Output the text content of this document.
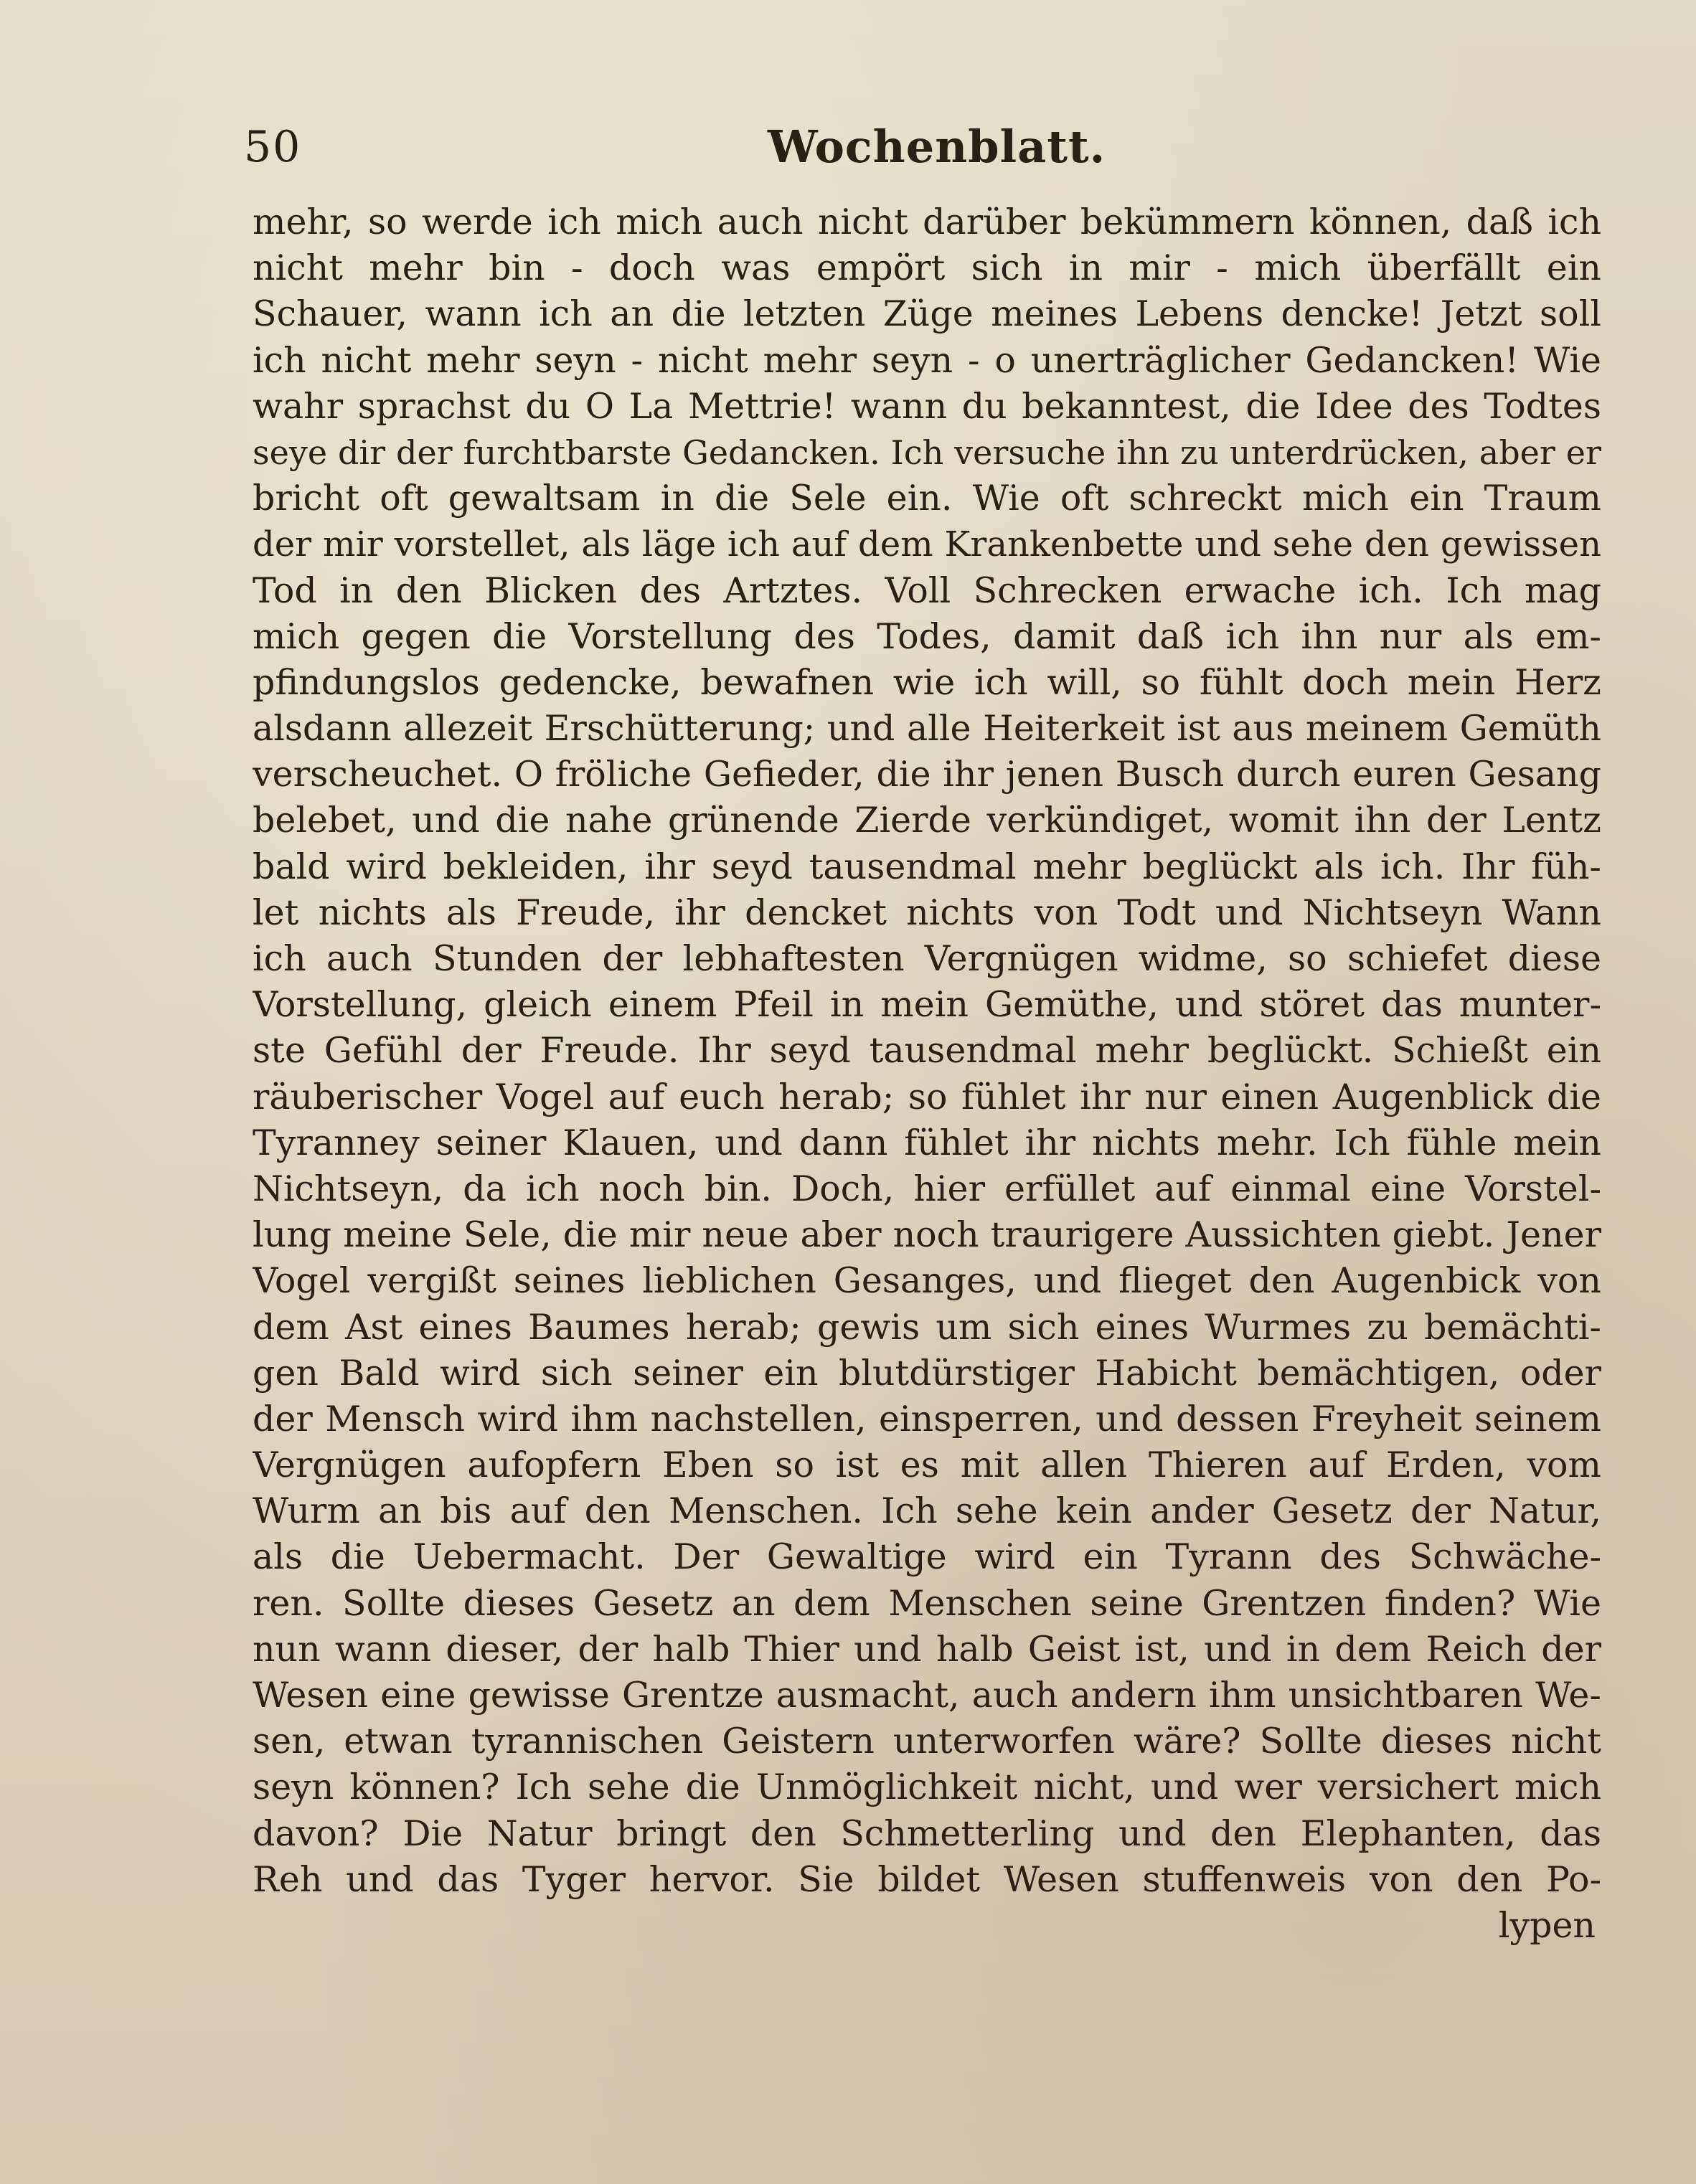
50	Wochenblatt.
mehr, so werde ich mich auch nicht darüber bekümmern können, daß ich
nicht mehr bin - doch was empört sich in mir - mich überfällt ein
Schauer, wann ich an die letzten Züge meines Lebens dencke! Jetzt soll
ich nicht mehr seyn - nicht mehr seyn - o unerträglicher Gedancken! Wie
wahr sprachst du O La Mettrie! wann du bekanntest, die Idee des Todtes
seye dir der furchtbarste Gedancken. Ich versuche ihn zu unterdrücken, aber er
bricht oft gewaltsam in die Sele ein. Wie oft schreckt mich ein Traum
der mir vorstellet, als läge ich auf dem Krankenbette und sehe den gewissen
Tod in den Blicken des Artztes. Voll Schrecken erwache ich. Ich mag
mich gegen die Vorstellung des Todes, damit daß ich ihn nur als em-
pfindungslos gedencke, bewafnen wie ich will, so fühlt doch mein Herz
alsdann allezeit Erschütterung; und alle Heiterkeit ist aus meinem Gemüth
verscheuchet. O fröliche Gefieder, die ihr jenen Busch durch euren Gesang
belebet, und die nahe grünende Zierde verkündiget, womit ihn der Lentz
bald wird bekleiden, ihr seyd tausendmal mehr beglückt als ich. Ihr füh-
let nichts als Freude, ihr dencket nichts von Todt und Nichtseyn Wann
ich auch Stunden der lebhaftesten Vergnügen widme, so schiefet diese
Vorstellung, gleich einem Pfeil in mein Gemüthe, und störet das munter-
ste Gefühl der Freude. Ihr seyd tausendmal mehr beglückt. Schießt ein
räuberischer Vogel auf euch herab; so fühlet ihr nur einen Augenblick die
Tyranney seiner Klauen, und dann fühlet ihr nichts mehr. Ich fühle mein
Nichtseyn, da ich noch bin. Doch, hier erfüllet auf einmal eine Vorstel-
lung meine Sele, die mir neue aber noch traurigere Aussichten giebt. Jener
Vogel vergißt seines lieblichen Gesanges, und flieget den Augenbick von
dem Ast eines Baumes herab; gewis um sich eines Wurmes zu bemächti-
gen Bald wird sich seiner ein blutdürstiger Habicht bemächtigen, oder
der Mensch wird ihm nachstellen, einsperren, und dessen Freyheit seinem
Vergnügen aufopfern Eben so ist es mit allen Thieren auf Erden, vom
Wurm an bis auf den Menschen. Ich sehe kein ander Gesetz der Natur,
als die Uebermacht. Der Gewaltige wird ein Tyrann des Schwäche-
ren. Sollte dieses Gesetz an dem Menschen seine Grentzen finden? Wie
nun wann dieser, der halb Thier und halb Geist ist, und in dem Reich der
Wesen eine gewisse Grentze ausmacht, auch andern ihm unsichtbaren We-
sen, etwan tyrannischen Geistern unterworfen wäre? Sollte dieses nicht
seyn können? Ich sehe die Unmöglichkeit nicht, und wer versichert mich
davon? Die Natur bringt den Schmetterling und den Elephanten, das
Reh und das Tyger hervor. Sie bildet Wesen stuffenweis von den Po-
lypen
